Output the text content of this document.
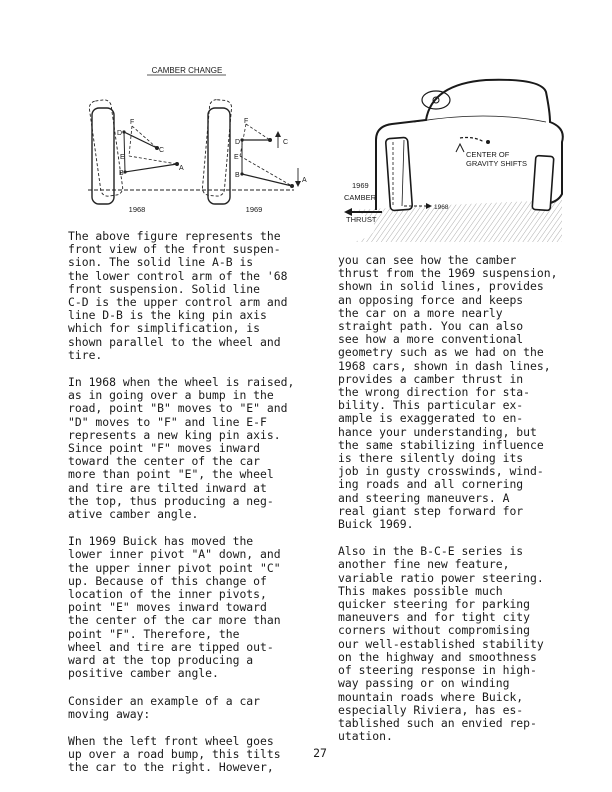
CAMBER CHANGE
F
C
D
E
A
B
F
D	C
E
B
A
1968	1969
CENTER OF GRAVITY SHIFTS
1969
CAMBER
THRUST
1968

The above figure represents the
front view of the front suspen-
sion. The solid line A-B is
the lower control arm of the '68
front suspension. Solid line
C-D is the upper control arm and
line D-B is the king pin axis
which for simplification, is
shown parallel to the wheel and
tire.

In 1968 when the wheel is raised,
as in going over a bump in the
road, point "B" moves to "E" and
"D" moves to "F" and line E-F
represents a new king pin axis.
Since point "F" moves inward
toward the center of the car
more than point "E", the wheel
and tire are tilted inward at
the top, thus producing a neg-
ative camber angle.

In 1969 Buick has moved the
lower inner pivot "A" down, and
the upper inner pivot point "C"
up. Because of this change of
location of the inner pivots,
point "E" moves inward toward
the center of the car more than
point "F". Therefore, the
wheel and tire are tipped out-
ward at the top producing a
positive camber angle.

Consider an example of a car
moving away:

When the left front wheel goes
up over a road bump, this tilts
the car to the right. However,

you can see how the camber
thrust from the 1969 suspension,
shown in solid lines, provides
an opposing force and keeps
the car on a more nearly
straight path. You can also
see how a more conventional
geometry such as we had on the
1968 cars, shown in dash lines,
provides a camber thrust in
the wrong direction for sta-
bility. This particular ex-
ample is exaggerated to en-
hance your understanding, but
the same stabilizing influence
is there silently doing its
job in gusty crosswinds, wind-
ing roads and all cornering
and steering maneuvers. A
real giant step forward for
Buick 1969.

Also in the B-C-E series is
another fine new feature,
variable ratio power steering.
This makes possible much
quicker steering for parking
maneuvers and for tight city
corners without compromising
our well-established stability
on the highway and smoothness
of steering response in high-
way passing or on winding
mountain roads where Buick,
especially Riviera, has es-
tablished such an envied rep-
utation.

27
